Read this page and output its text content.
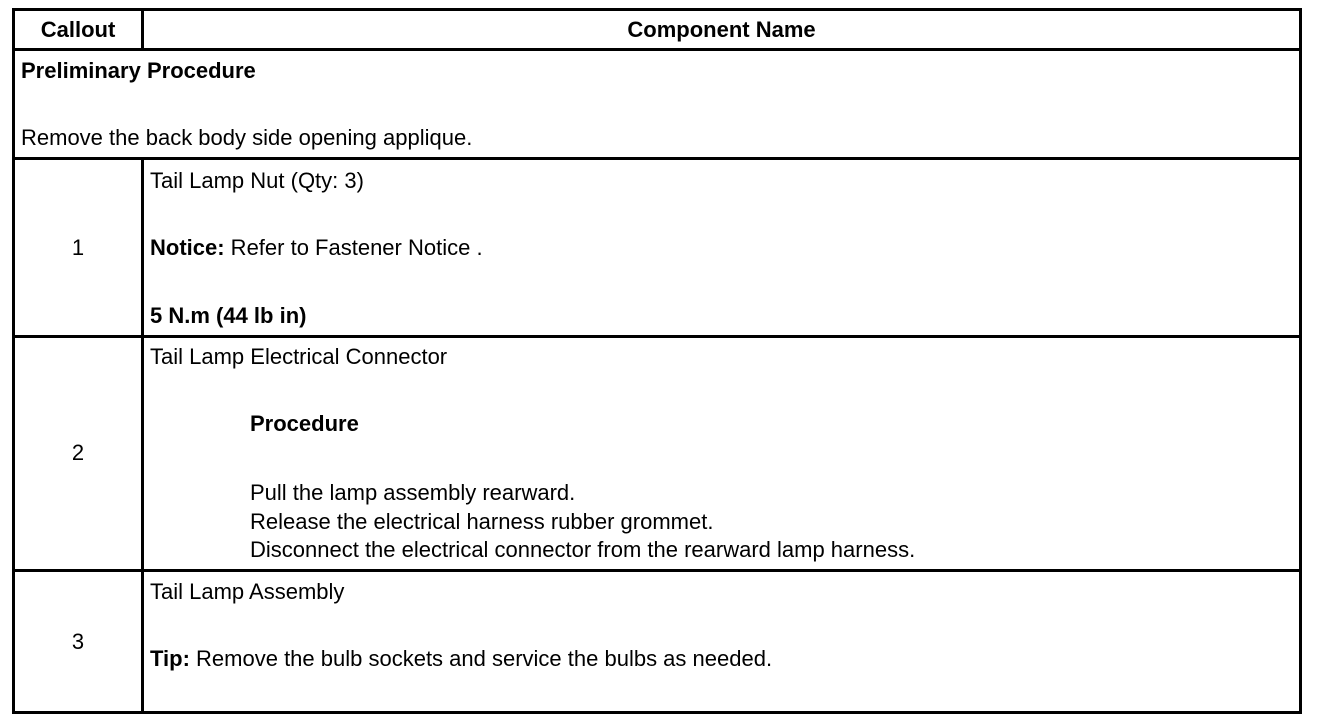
Callout	Component Name
Preliminary Procedure
Remove the back body side opening applique.
1
Tail Lamp Nut (Qty: 3)
Notice: Refer to Fastener Notice .
5 N.m (44 lb in)
2
Tail Lamp Electrical Connector
Procedure
Pull the lamp assembly rearward.
Release the electrical harness rubber grommet.
Disconnect the electrical connector from the rearward lamp harness.
3
Tail Lamp Assembly
Tip: Remove the bulb sockets and service the bulbs as needed.
